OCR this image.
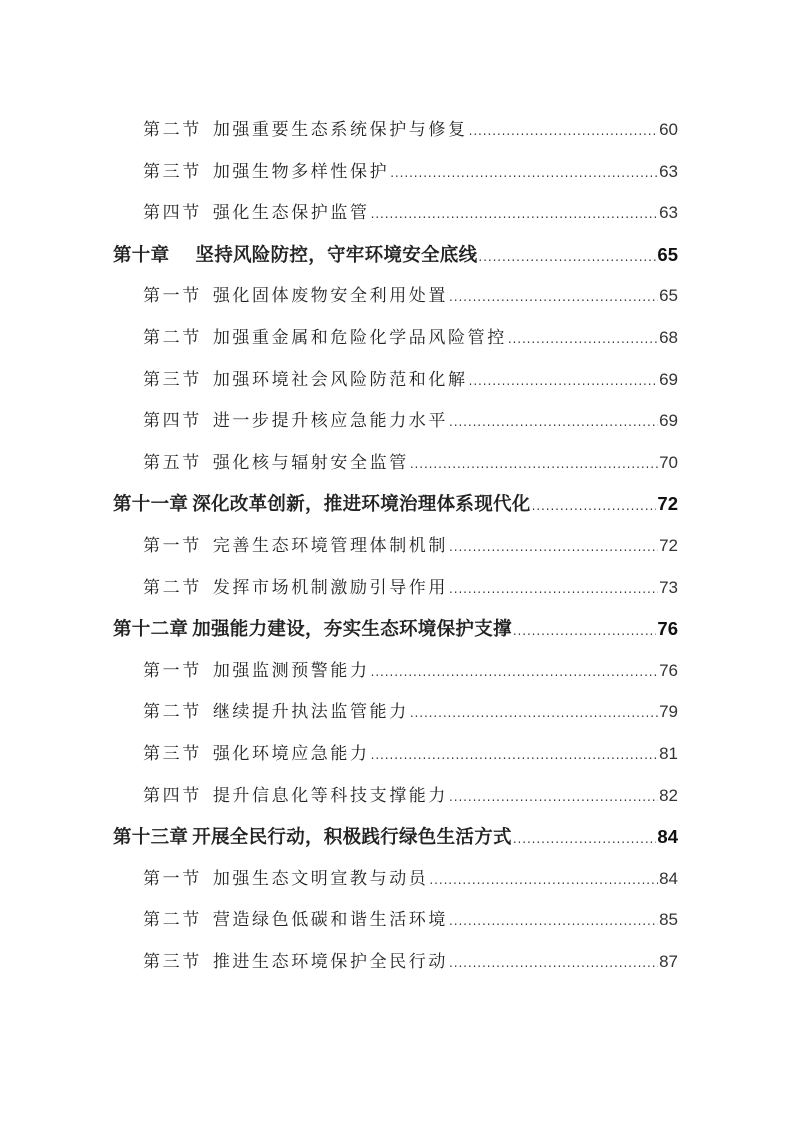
第二节 加强重要生态系统保护与修复 .....	60
第三节 加强生物多样性保护 .....	63
第四节 强化生态保护监管 .....	63
第十章 坚持风险防控，守牢环境安全底线 .....	65
第一节 强化固体废物安全利用处置 .....	65
第二节 加强重金属和危险化学品风险管控 .....	68
第三节 加强环境社会风险防范和化解 .....	69
第四节 进一步提升核应急能力水平 .....	69
第五节 强化核与辐射安全监管 .....	70
第十一章 深化改革创新，推进环境治理体系现代化 .....	72
第一节 完善生态环境管理体制机制 .....	72
第二节 发挥市场机制激励引导作用 .....	73
第十二章 加强能力建设，夯实生态环境保护支撑 .....	76
第一节 加强监测预警能力 .....	76
第二节 继续提升执法监管能力 .....	79
第三节 强化环境应急能力 .....	81
第四节 提升信息化等科技支撑能力 .....	82
第十三章 开展全民行动，积极践行绿色生活方式 .....	84
第一节 加强生态文明宣教与动员 .....	84
第二节 营造绿色低碳和谐生活环境 .....	85
第三节 推进生态环境保护全民行动 .....	87
